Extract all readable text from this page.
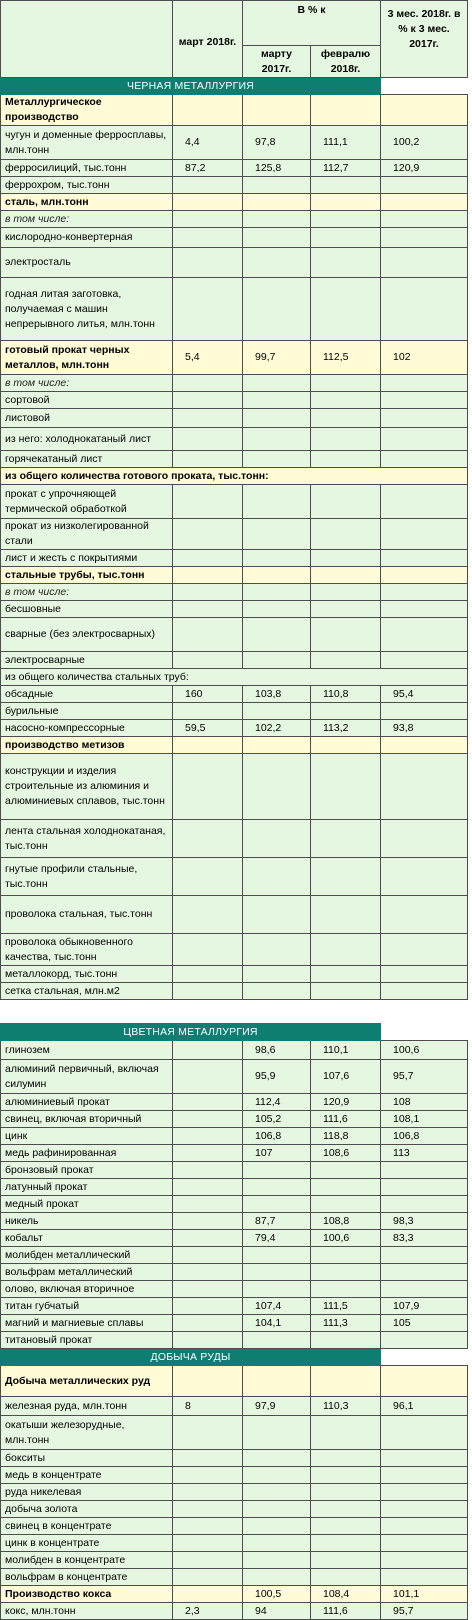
	март 2018г.	В % к		3 мес. 2018г. в % к 3 мес. 2017г.
		марту 2017г.	февралю 2018г.	
ЧЕРНАЯ МЕТАЛЛУРГИЯ				
Металлургическое производство				
чугун и доменные ферросплавы, млн.тонн	4,4	97,8	111,1	100,2
ферросилиций, тыс.тонн	87,2	125,8	112,7	120,9
феррохром, тыс.тонн				
сталь, млн.тонн				
в том числе:				
кислородно-конвертерная				
электросталь				
годная литая заготовка, получаемая с машин непрерывного литья, млн.тонн				
готовый прокат черных металлов, млн.тонн	5,4	99,7	112,5	102
в том числе:				
сортовой				
листовой				
из него: холоднокатаный лист				
горячекатаный лист				
из общего количества готового проката, тыс.тонн:				
прокат с упрочняющей термической обработкой				
прокат из низколегированной стали				
лист и жесть с покрытиями				
стальные трубы, тыс.тонн				
в том числе:				
бесшовные				
сварные (без электросварных)				
электросварные				
из общего количества стальных труб:				
обсадные	160	103,8	110,8	95,4
бурильные				
насосно-компрессорные	59,5	102,2	113,2	93,8
производство метизов				
конструкции и изделия строительные из алюминия и алюминиевых сплавов, тыс.тонн				
лента стальная холоднокатаная, тыс.тонн				
гнутые профили стальные, тыс.тонн				
проволока стальная, тыс.тонн				
проволока обыкновенного качества, тыс.тонн				
металлокорд, тыс.тонн				
сетка стальная, млн.м2				

ЦВЕТНАЯ МЕТАЛЛУРГИЯ				
глинозем		98,6	110,1	100,6
алюминий первичный, включая силумин		95,9	107,6	95,7
алюминиевый прокат		112,4	120,9	108
свинец, включая вторичный		105,2	111,6	108,1
цинк		106,8	118,8	106,8
медь рафинированная		107	108,6	113
бронзовый прокат				
латунный прокат				
медный прокат				
никель		87,7	108,8	98,3
кобальт		79,4	100,6	83,3
молибден металлический				
вольфрам металлический				
олово, включая вторичное				
титан губчатый		107,4	111,5	107,9
магний и магниевые сплавы		104,1	111,3	105
титановый прокат				
ДОБЫЧА РУДЫ				
Добыча металлических руд				
железная руда, млн.тонн	8	97,9	110,3	96,1
окатыши железорудные, млн.тонн				
бокситы				
медь в концентрате				
руда никелевая				
добыча золота				
свинец в концентрате				
цинк в концентрате				
молибден в концентрате				
вольфрам в концентрате				
Производство кокса		100,5	108,4	101,1
кокс, млн.тонн	2,3	94	111,6	95,7
